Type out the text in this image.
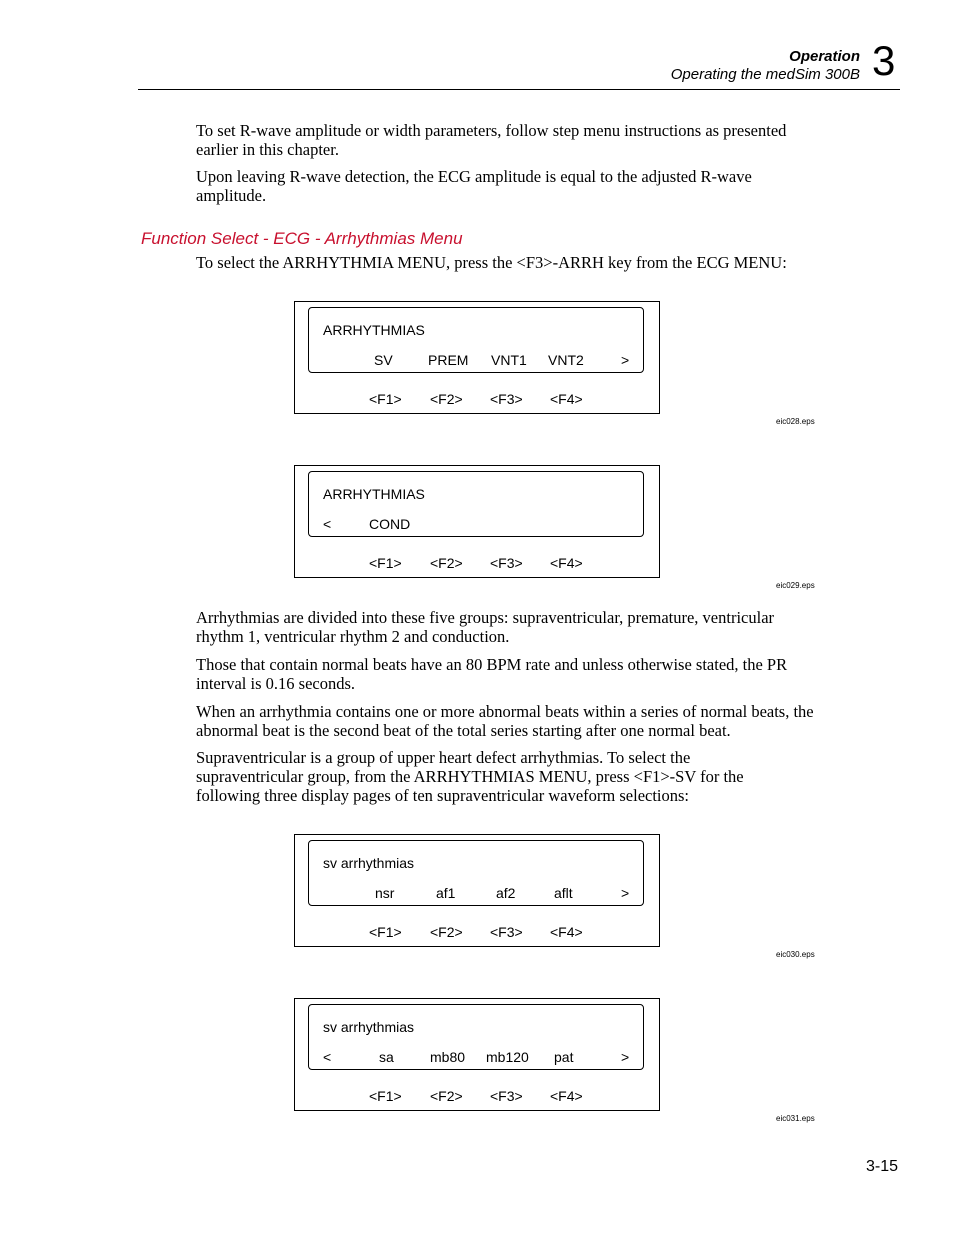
Operation
Operating the medSim 300B 3
To set R-wave amplitude or width parameters, follow step menu instructions as presented earlier in this chapter.
Upon leaving R-wave detection, the ECG amplitude is equal to the adjusted R-wave amplitude.
Function Select - ECG - Arrhythmias Menu
To select the ARRHYTHMIA MENU, press the <F3>-ARRH key from the ECG MENU:
ARRHYTHMIAS
SV	PREM VNT1 VNT2	>
<F1> <F2> <F3> <F4>
eic028.eps
ARRHYTHMIAS
<	COND
<F1> <F2> <F3> <F4>
eic029.eps
Arrhythmias are divided into these five groups: supraventricular, premature, ventricular rhythm 1, ventricular rhythm 2 and conduction.
Those that contain normal beats have an 80 BPM rate and unless otherwise stated, the PR interval is 0.16 seconds.
When an arrhythmia contains one or more abnormal beats within a series of normal beats, the abnormal beat is the second beat of the total series starting after one normal beat.
Supraventricular is a group of upper heart defect arrhythmias. To select the supraventricular group, from the ARRHYTHMIAS MENU, press <F1>-SV for the following three display pages of ten supraventricular waveform selections:
sv arrhythmias
nsr	af1	af2	aflt	>
<F1> <F2> <F3> <F4>
eic030.eps
sv arrhythmias
<	sa	mb80 mb120 pat	>
<F1> <F2> <F3> <F4>
eic031.eps
3-15
